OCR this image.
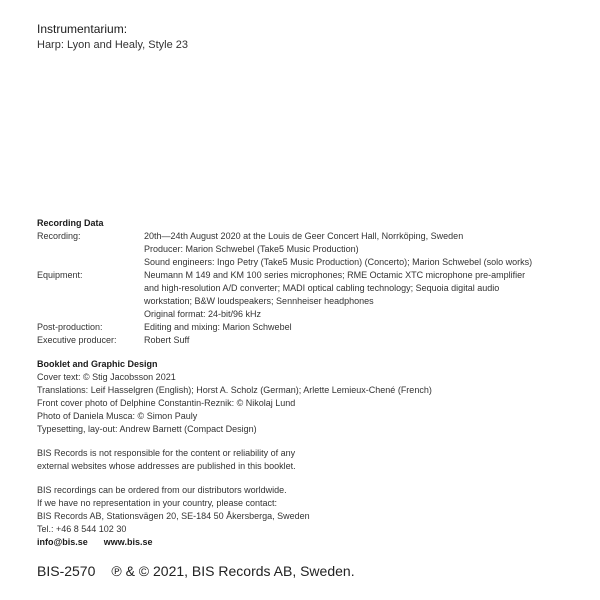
Instrumentarium:
Harp: Lyon and Healy, Style 23
Recording Data
Recording:	20th—24th August 2020 at the Louis de Geer Concert Hall, Norrköping, Sweden
Producer: Marion Schwebel (Take5 Music Production)
Sound engineers: Ingo Petry (Take5 Music Production) (Concerto); Marion Schwebel (solo works)
Equipment:	Neumann M 149 and KM 100 series microphones; RME Octamic XTC microphone pre-amplifier
and high-resolution A/D converter; MADI optical cabling technology; Sequoia digital audio
workstation; B&W loudspeakers; Sennheiser headphones
Original format: 24-bit/96 kHz
Post-production:	Editing and mixing: Marion Schwebel
Executive producer:	Robert Suff
Booklet and Graphic Design
Cover text: © Stig Jacobsson 2021
Translations: Leif Hasselgren (English); Horst A. Scholz (German); Arlette Lemieux-Chené (French)
Front cover photo of Delphine Constantin-Reznik: © Nikolaj Lund
Photo of Daniela Musca: © Simon Pauly
Typesetting, lay-out: Andrew Barnett (Compact Design)
BIS Records is not responsible for the content or reliability of any
external websites whose addresses are published in this booklet.
BIS recordings can be ordered from our distributors worldwide.
If we have no representation in your country, please contact:
BIS Records AB, Stationsvägen 20, SE-184 50 Åkersberga, Sweden
Tel.: +46 8 544 102 30
info@bis.se www.bis.se
BIS-2570 ℗ & © 2021, BIS Records AB, Sweden.
